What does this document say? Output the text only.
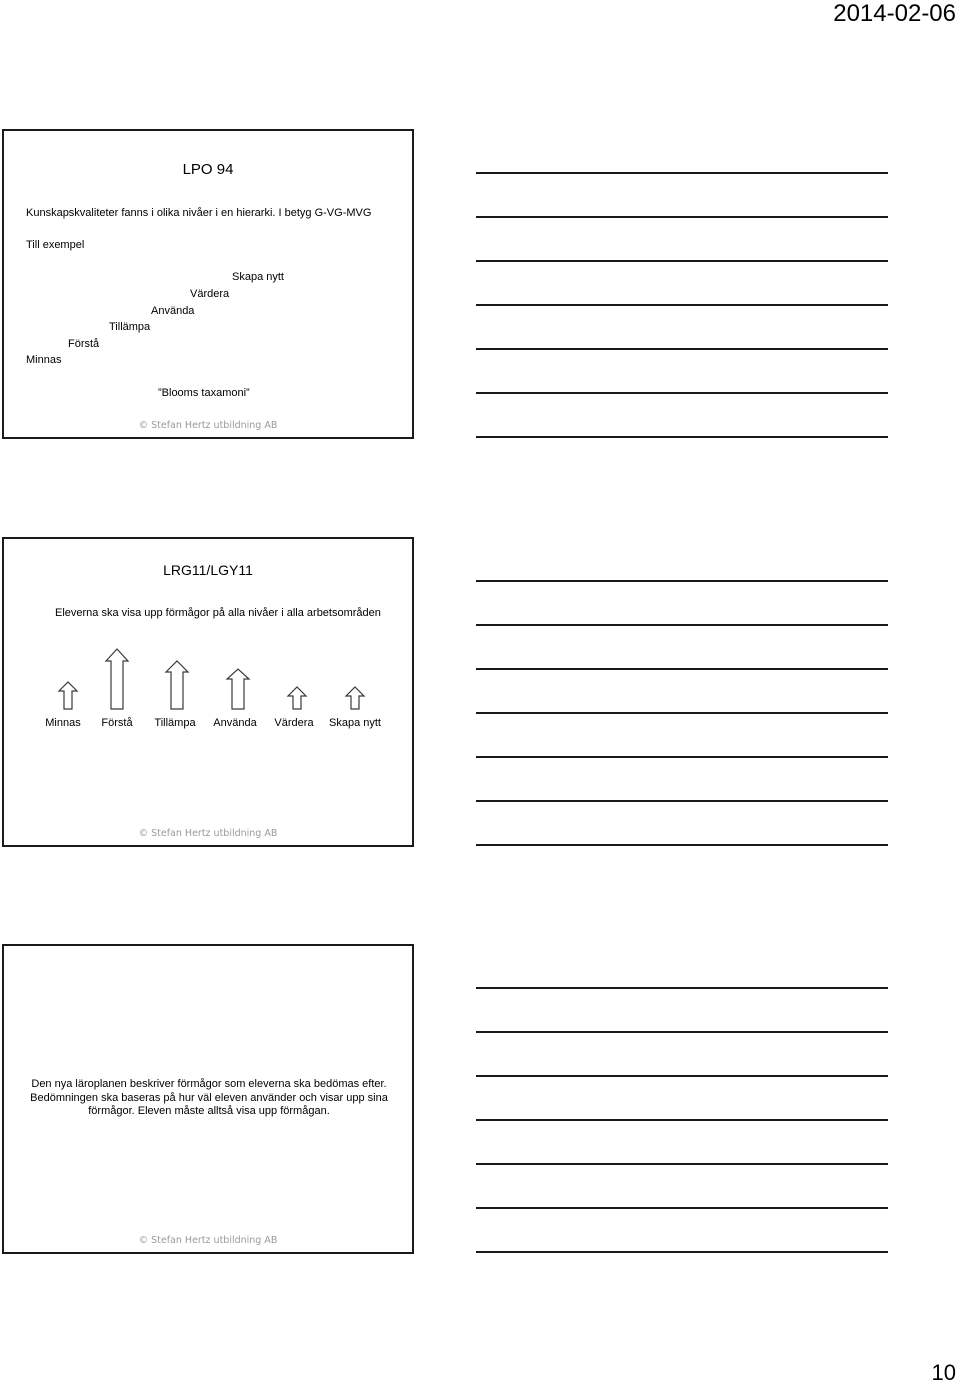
2014-02-06
LPO 94
Kunskapskvaliteter fanns i olika nivåer i en hierarki. I betyg G-VG-MVG
Till exempel
Skapa nytt
Värdera
Använda
Tillämpa
Förstå
Minnas
”Blooms taxamoni”
© Stefan Hertz utbildning AB
LRG11/LGY11
Eleverna ska visa upp förmågor på alla nivåer i alla arbetsområden
Minnas	Förstå	Tillämpa	Använda	Värdera	Skapa nytt
© Stefan Hertz utbildning AB
Den nya läroplanen beskriver förmågor som eleverna ska bedömas efter. Bedömningen ska baseras på hur väl eleven använder och visar upp sina förmågor. Eleven måste alltså visa upp förmågan.
© Stefan Hertz utbildning AB
10
